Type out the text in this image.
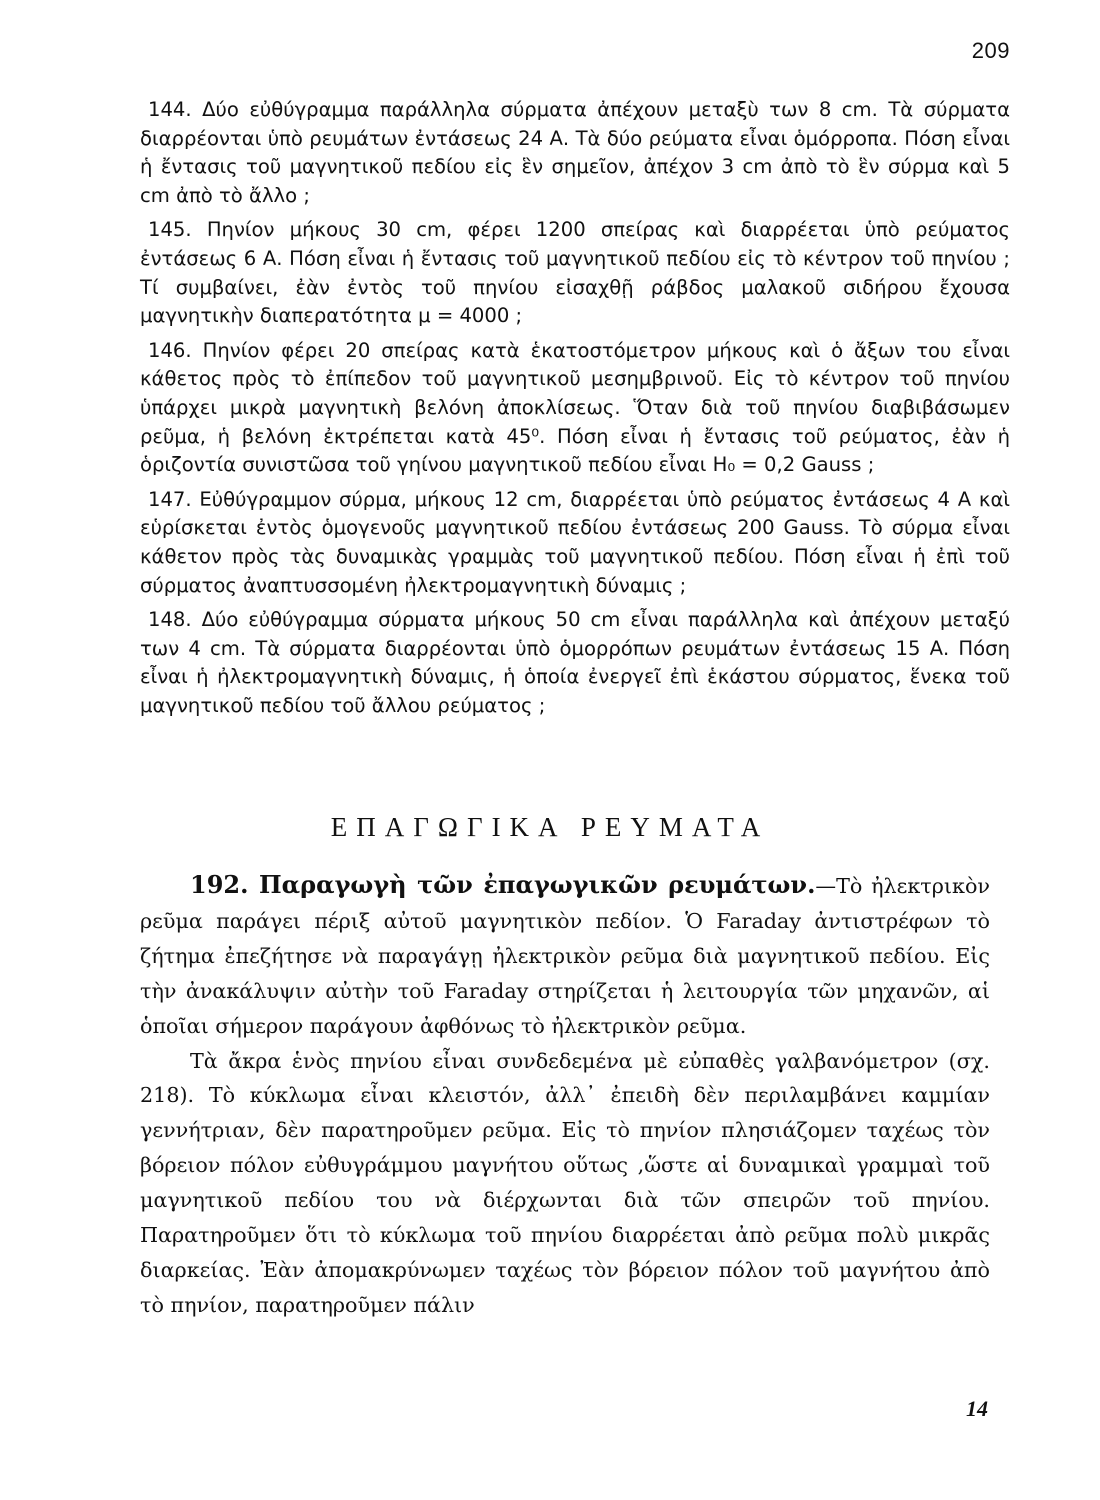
209

144. Δύο εὐθύγραμμα παράλληλα σύρματα ἀπέχουν μεταξὺ των 8 cm. Τὰ σύρματα διαρρέονται ὑπὸ ρευμάτων ἐντάσεως 24 Α. Τὰ δύο ρεύματα εἶναι ὁμόρροπα. Πόση εἶναι ἡ ἔντασις τοῦ μαγνητικοῦ πεδίου εἰς ἓν σημεῖον, ἀπέχον 3 cm ἀπὸ τὸ ἓν σύρμα καὶ 5 cm ἀπὸ τὸ ἄλλο ;

145. Πηνίον μήκους 30 cm, φέρει 1200 σπείρας καὶ διαρρέεται ὑπὸ ρεύματος ἐντάσεως 6 Α. Πόση εἶναι ἡ ἔντασις τοῦ μαγνητικοῦ πεδίου εἰς τὸ κέντρον τοῦ πηνίου ; Τί συμβαίνει, ἐὰν ἐντὸς τοῦ πηνίου εἰσαχθῇ ράβδος μαλακοῦ σιδήρου ἔχουσα μαγνητικὴν διαπερατότητα μ = 4000 ;

146. Πηνίον φέρει 20 σπείρας κατὰ ἑκατοστόμετρον μήκους καὶ ὁ ἄξων του εἶναι κάθετος πρὸς τὸ ἐπίπεδον τοῦ μαγνητικοῦ μεσημβρινοῦ. Εἰς τὸ κέντρον τοῦ πηνίου ὑπάρχει μικρὰ μαγνητικὴ βελόνη ἀποκλίσεως. Ὅταν διὰ τοῦ πηνίου διαβιβάσωμεν ρεῦμα, ἡ βελόνη ἐκτρέπεται κατὰ 45⁰. Πόση εἶναι ἡ ἔντασις τοῦ ρεύματος, ἐὰν ἡ ὁριζοντία συνιστῶσα τοῦ γηίνου μαγνητικοῦ πεδίου εἶναι H₀ = 0,2 Gauss ;

147. Εὐθύγραμμον σύρμα, μήκους 12 cm, διαρρέεται ὑπὸ ρεύματος ἐντάσεως 4 Α καὶ εὑρίσκεται ἐντὸς ὁμογενοῦς μαγνητικοῦ πεδίου ἐντάσεως 200 Gauss. Τὸ σύρμα εἶναι κάθετον πρὸς τὰς δυναμικὰς γραμμὰς τοῦ μαγνητικοῦ πεδίου. Πόση εἶναι ἡ ἐπὶ τοῦ σύρματος ἀναπτυσσομένη ἠλεκτρομαγνητικὴ δύναμις ;

148. Δύο εὐθύγραμμα σύρματα μήκους 50 cm εἶναι παράλληλα καὶ ἀπέχουν μεταξύ των 4 cm. Τὰ σύρματα διαρρέονται ὑπὸ ὁμορρόπων ρευμάτων ἐντάσεως 15 Α. Πόση εἶναι ἡ ἠλεκτρομαγνητικὴ δύναμις, ἡ ὁποία ἐνεργεῖ ἐπὶ ἑκάστου σύρματος, ἕνεκα τοῦ μαγνητικοῦ πεδίου τοῦ ἄλλου ρεύματος ;

ΕΠΑΓΩΓΙΚΑ ΡΕΥΜΑΤΑ

192. Παραγωγὴ τῶν ἐπαγωγικῶν ρευμάτων.—Τὸ ἠλεκτρικὸν ρεῦμα παράγει πέριξ αὐτοῦ μαγνητικὸν πεδίον. Ὁ Faraday ἀντιστρέφων τὸ ζήτημα ἐπεζήτησε νὰ παραγάγῃ ἠλεκτρικὸν ρεῦμα διὰ μαγνητικοῦ πεδίου. Εἰς τὴν ἀνακάλυψιν αὐτὴν τοῦ Faraday στηρίζεται ἡ λειτουργία τῶν μηχανῶν, αἱ ὁποῖαι σήμερον παράγουν ἀφθόνως τὸ ἠλεκτρικὸν ρεῦμα.

Τὰ ἄκρα ἑνὸς πηνίου εἶναι συνδεδεμένα μὲ εὐπαθὲς γαλβανόμετρον (σχ. 218). Τὸ κύκλωμα εἶναι κλειστόν, ἀλλ᾽ ἐπειδὴ δὲν περιλαμβάνει καμμίαν γεννήτριαν, δὲν παρατηροῦμεν ρεῦμα. Εἰς τὸ πηνίον πλησιάζομεν ταχέως τὸν βόρειον πόλον εὐθυγράμμου μαγνήτου οὕτως ,ὥστε αἱ δυναμικαὶ γραμμαὶ τοῦ μαγνητικοῦ πεδίου του νὰ διέρχωνται διὰ τῶν σπειρῶν τοῦ πηνίου. Παρατηροῦμεν ὅτι τὸ κύκλωμα τοῦ πηνίου διαρρέεται ἀπὸ ρεῦμα πολὺ μικρᾶς διαρκείας. Ἐὰν ἀπομακρύνωμεν ταχέως τὸν βόρειον πόλον τοῦ μαγνήτου ἀπὸ τὸ πηνίον, παρατηροῦμεν πάλιν

14
